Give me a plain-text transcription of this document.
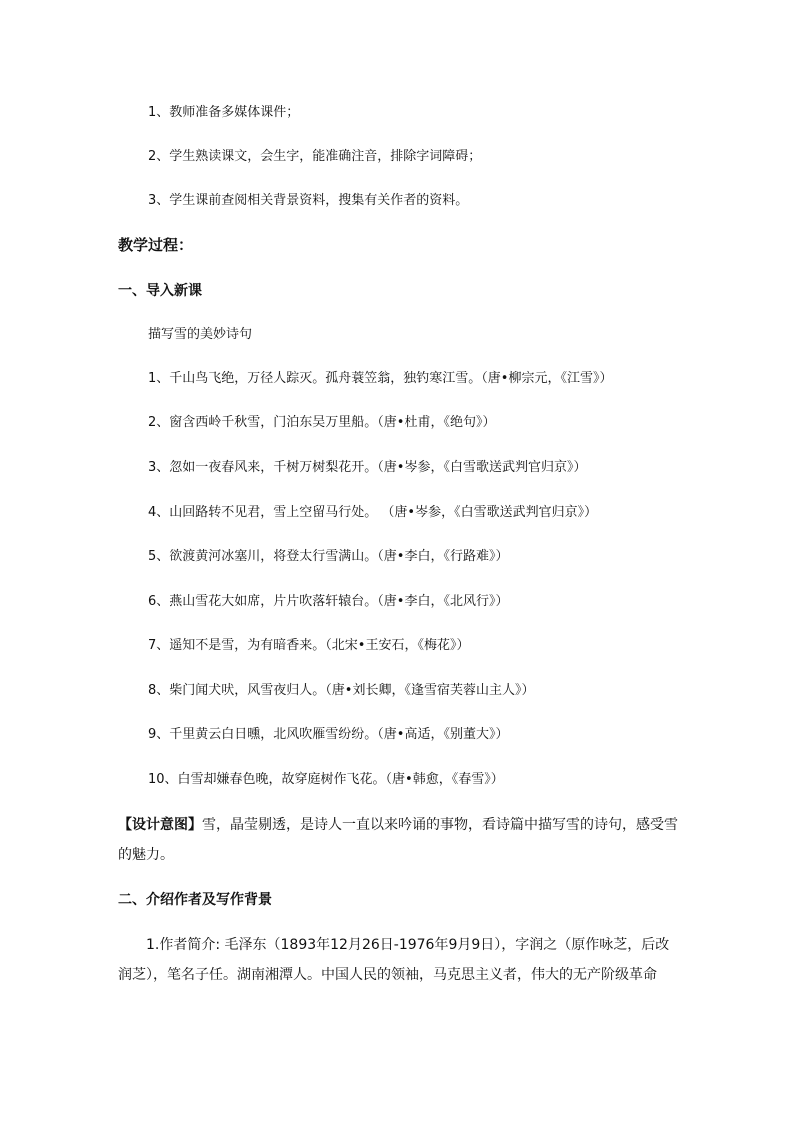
1、教师准备多媒体课件；
2、学生熟读课文，会生字，能准确注音，排除字词障碍；
3、学生课前查阅相关背景资料，搜集有关作者的资料。
教学过程：
一、导入新课
描写雪的美妙诗句
1、千山鸟飞绝，万径人踪灭。孤舟蓑笠翁，独钓寒江雪。（唐•柳宗元，《江雪》）
2、窗含西岭千秋雪，门泊东吴万里船。（唐•杜甫，《绝句》）
3、忽如一夜春风来，千树万树梨花开。（唐•岑参，《白雪歌送武判官归京》）
4、山回路转不见君，雪上空留马行处。 （唐•岑参，《白雪歌送武判官归京》）
5、欲渡黄河冰塞川，将登太行雪满山。（唐•李白，《行路难》）
6、燕山雪花大如席，片片吹落轩辕台。（唐•李白，《北风行》）
7、遥知不是雪，为有暗香来。（北宋•王安石，《梅花》）
8、柴门闻犬吠，风雪夜归人。（唐•刘长卿，《逢雪宿芙蓉山主人》）
9、千里黄云白日曛，北风吹雁雪纷纷。（唐•高适，《别董大》）
10、白雪却嫌春色晚，故穿庭树作飞花。（唐•韩愈，《春雪》）
【设计意图】雪，晶莹剔透，是诗人一直以来吟诵的事物，看诗篇中描写雪的诗句，感受雪的魅力。
二、介绍作者及写作背景
1.作者简介: 毛泽东（1893年12月26日-1976年9月9日），字润之（原作咏芝，后改润芝），笔名子任。湖南湘潭人。中国人民的领袖，马克思主义者，伟大的无产阶级革命
